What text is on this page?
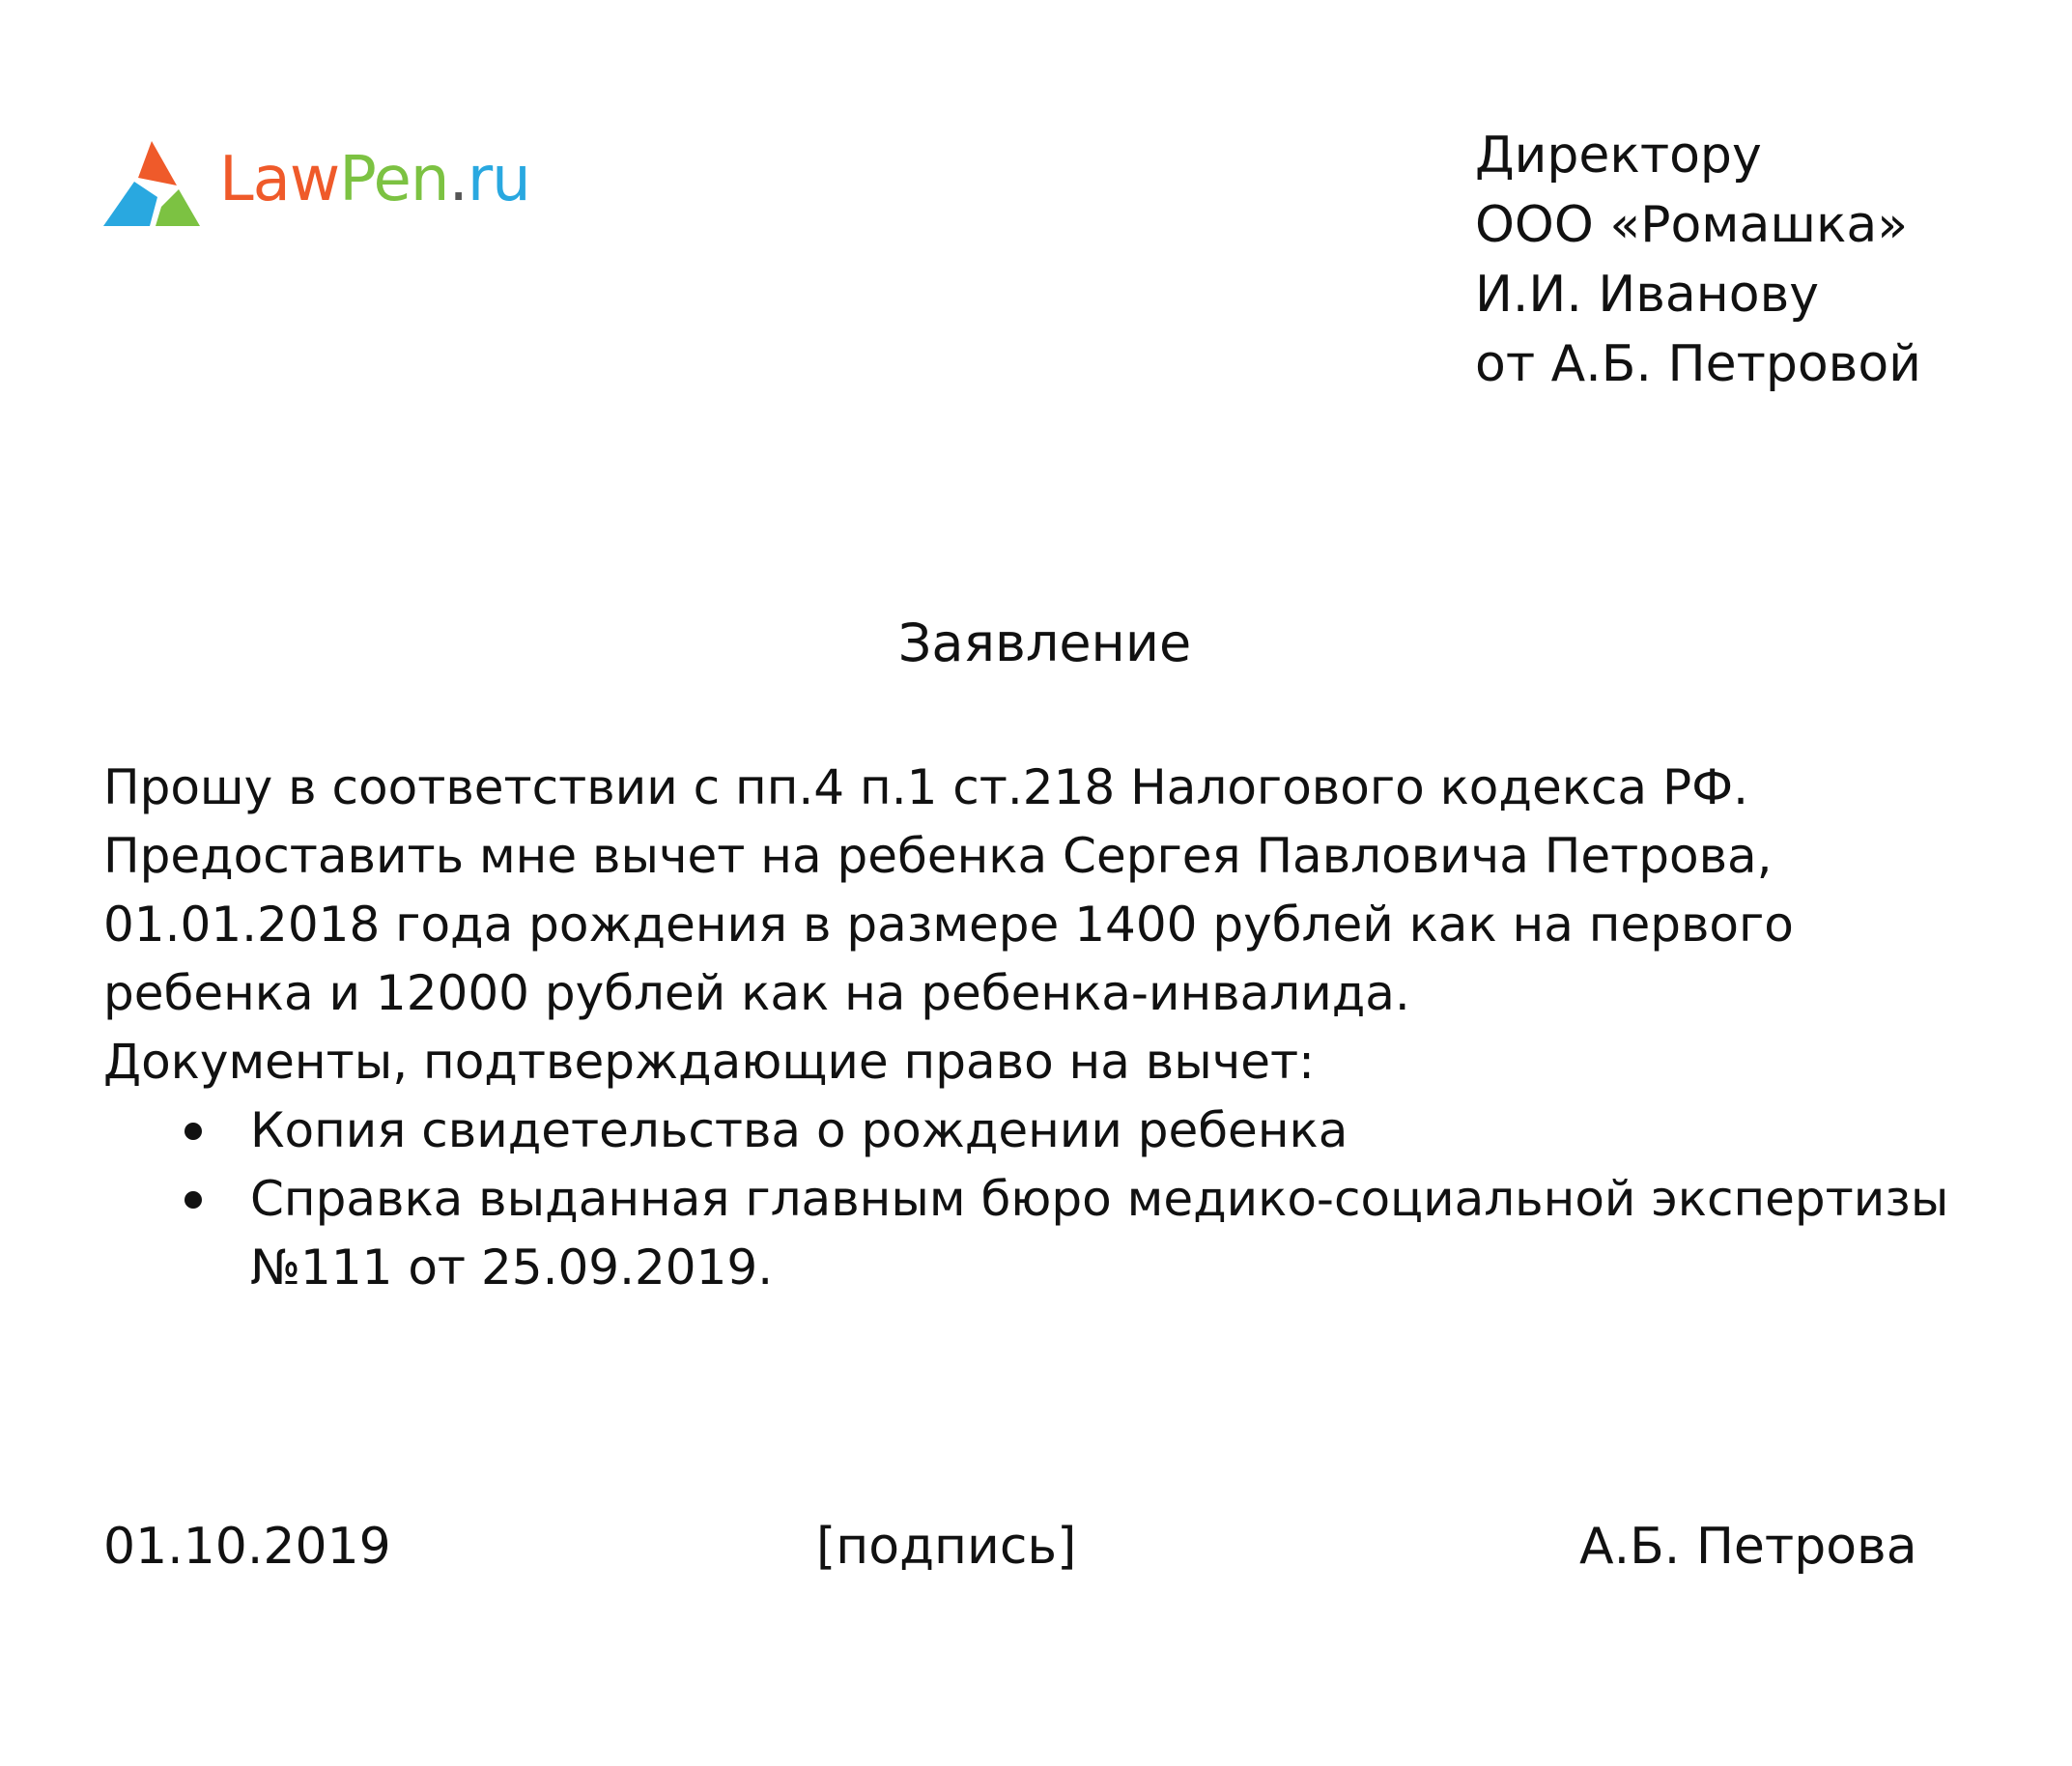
LawPen.ru	Директору
ООО «Ромашка»
И.И. Иванову
от А.Б. Петровой
Заявление

Прошу в соответствии с пп.4 п.1 ст.218 Налогового кодекса РФ. Предоставить мне вычет на ребенка Сергея Павловича Петрова, 01.01.2018 года рождения в размере 1400 рублей как на первого ребенка и 12000 рублей как на ребенка-инвалида.

Документы, подтверждающие право на вычет:

Копия свидетельства о рождении ребенка
Справка выданная главным бюро медико-социальной экспертизы №111 от 25.09.2019.
01.10.2019	[подпись]	А.Б. Петрова
